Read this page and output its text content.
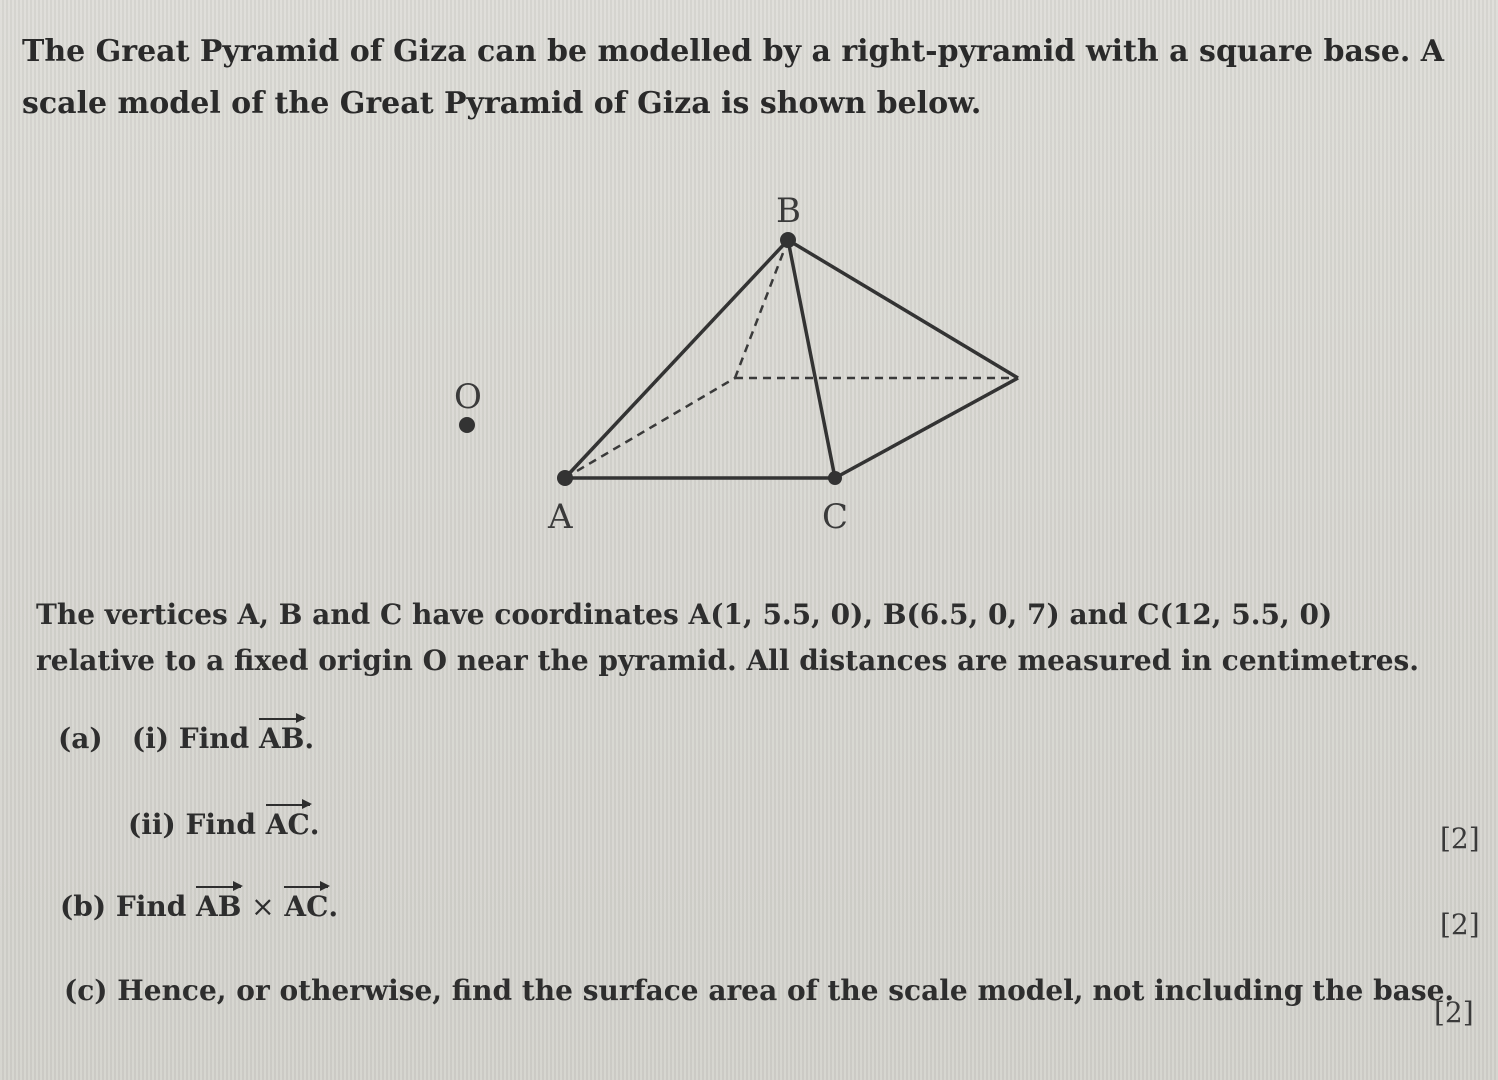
The Great Pyramid of Giza can be modelled by a right-pyramid with a square base. A scale model of the Great Pyramid of Giza is shown below.
B
O
A	C
The vertices A, B and C have coordinates A(1, 5.5, 0), B(6.5, 0, 7) and C(12, 5.5, 0) relative to a fixed origin O near the pyramid. All distances are measured in centimetres.
(a) (i) Find AB.
(ii) Find AC.	[2]
(b) Find AB × AC.
[2]
(c) Hence, or otherwise, find the surface area of the scale model, not including the base.
[2]
